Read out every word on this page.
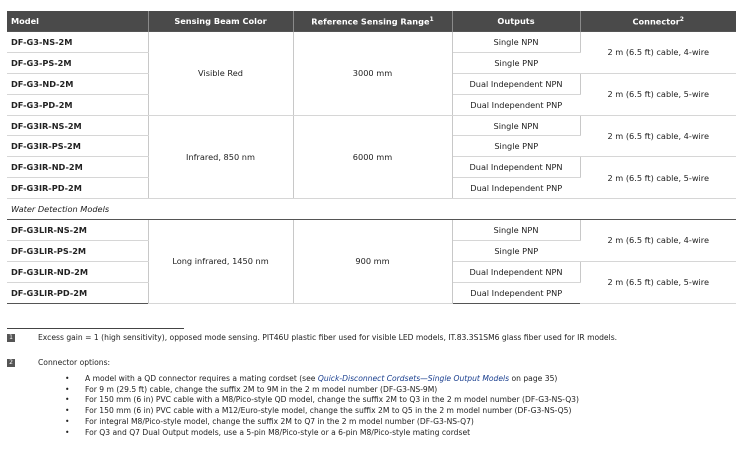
Model	Sensing Beam Color	Reference Sensing Range$^1$	Outputs	Connector$^2$
DF-G3-NS-2M	Visible Red	3000 mm	Single NPN	2 m (6.5 ft) cable, 4-wire
DF-G3-PS-2M			Single PNP	
DF-G3-ND-2M			Dual Independent NPN	2 m (6.5 ft) cable, 5-wire
DF-G3-PD-2M			Dual Independent PNP	
DF-G3IR-NS-2M	Infrared, 850 nm	6000 mm	Single NPN	2 m (6.5 ft) cable, 4-wire
DF-G3IR-PS-2M			Single PNP	
DF-G3IR-ND-2M			Dual Independent NPN	2 m (6.5 ft) cable, 5-wire
DF-G3IR-PD-2M			Dual Independent PNP	
Water Detection Models				
DF-G3LIR-NS-2M	Long infrared, 1450 nm	900 mm	Single NPN	2 m (6.5 ft) cable, 4-wire
DF-G3LIR-PS-2M			Single PNP	
DF-G3LIR-ND-2M			Dual Independent NPN	2 m (6.5 ft) cable, 5-wire
DF-G3LIR-PD-2M			Dual Independent PNP	
1	Excess gain = 1 (high sensitivity), opposed mode sensing. PIT46U plastic fiber used for visible LED models, IT.83.3S1SM6 glass fiber used for IR models.
2	Connector options:
• A model with a QD connector requires a mating cordset (see Quick-Disconnect Cordsets—Single Output Models on page 35)
• For 9 m (29.5 ft) cable, change the suffix 2M to 9M in the 2 m model number (DF-G3-NS-9M)
• For 150 mm (6 in) PVC cable with a M8/Pico-style QD model, change the suffix 2M to Q3 in the 2 m model number (DF-G3-NS-Q3)
• For 150 mm (6 in) PVC cable with a M12/Euro-style model, change the suffix 2M to Q5 in the 2 m model number (DF-G3-NS-Q5)
• For integral M8/Pico-style model, change the suffix 2M to Q7 in the 2 m model number (DF-G3-NS-Q7)
• For Q3 and Q7 Dual Output models, use a 5-pin M8/Pico-style or a 6-pin M8/Pico-style mating cordset
